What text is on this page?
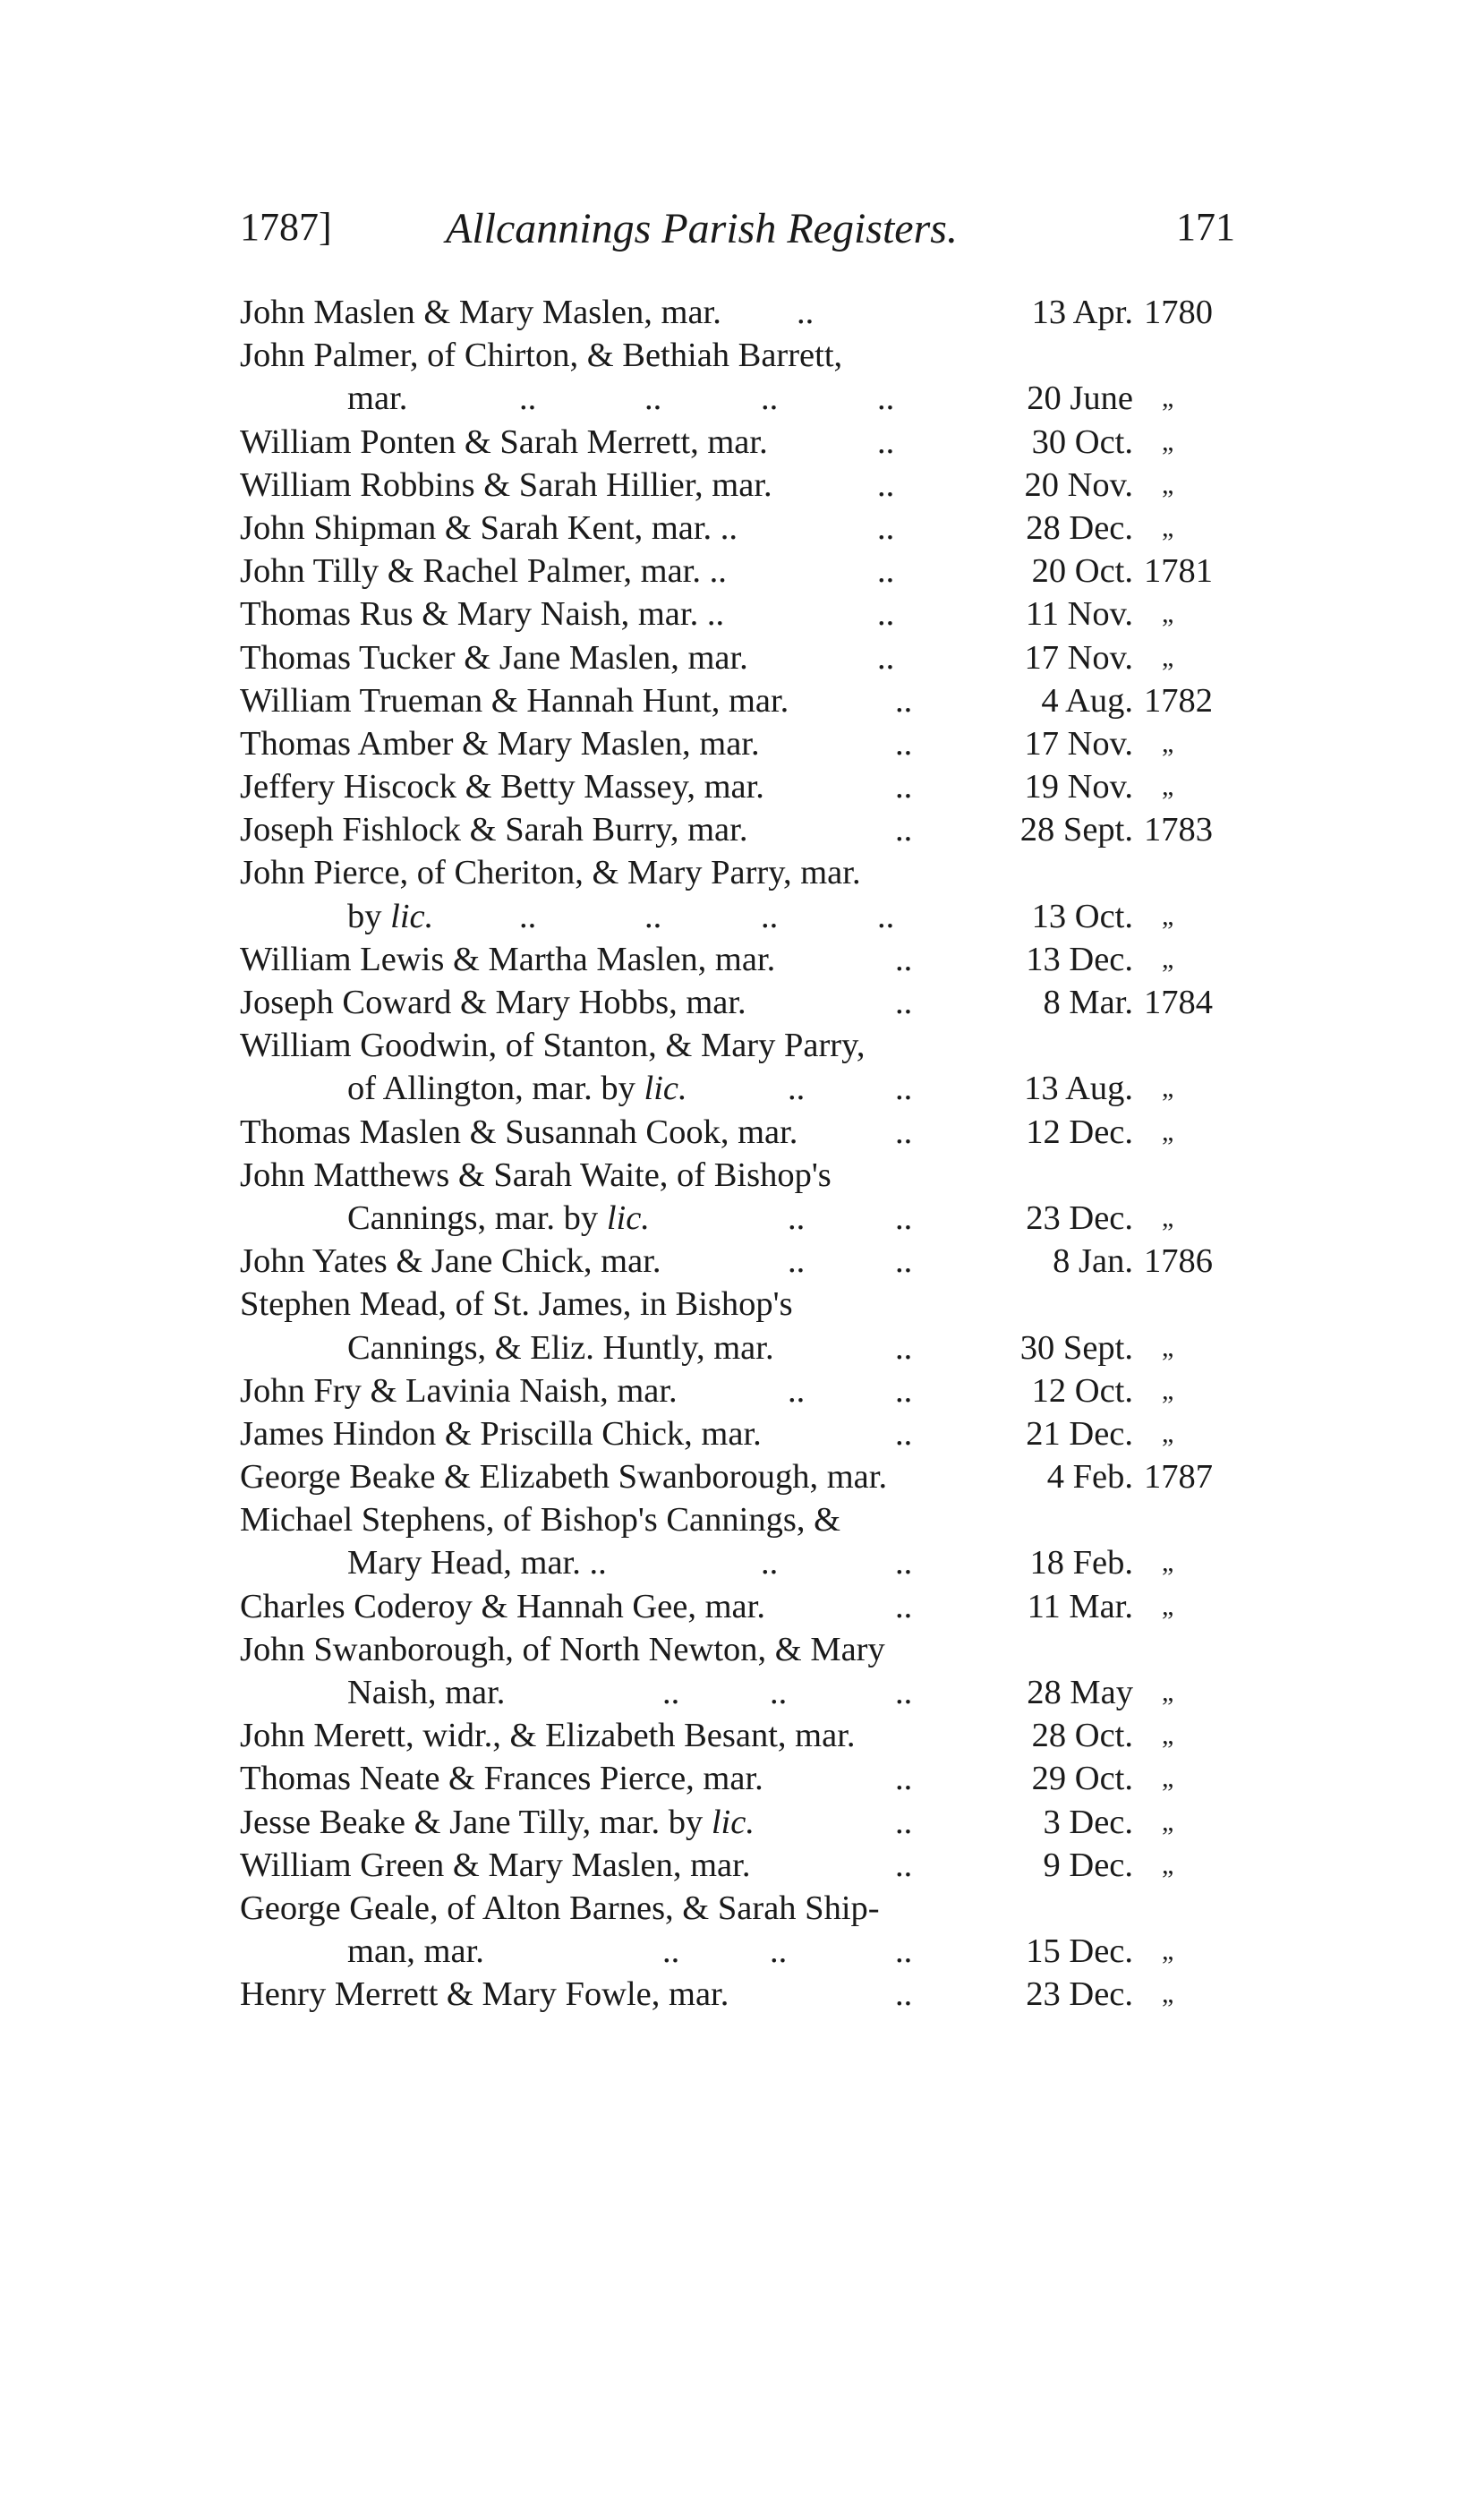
1787]	Allcannings Parish Registers.	171
John Maslen & Mary Maslen, mar. ..	13 Apr. 1780
John Palmer, of Chirton, & Bethiah Barrett,
mar.	..	..	..	..	20 June	„
William Ponten & Sarah Merrett, mar.	..	30 Oct.	„
William Robbins & Sarah Hillier, mar.	..	20 Nov.	„
John Shipman & Sarah Kent, mar. ..	..	28 Dec.	„
John Tilly & Rachel Palmer, mar. ..	..	20 Oct. 1781
Thomas Rus & Mary Naish, mar. ..	..	11 Nov.	„
Thomas Tucker & Jane Maslen, mar.	..	17 Nov.	„
William Trueman & Hannah Hunt, mar.	..	4 Aug. 1782
Thomas Amber & Mary Maslen, mar.	..	17 Nov.	„
Jeffery Hiscock & Betty Massey, mar.	..	19 Nov.	„
Joseph Fishlock & Sarah Burry, mar.	..	28 Sept. 1783
John Pierce, of Cheriton, & Mary Parry, mar.
by lic. ..	..	..	..	13 Oct.	„
William Lewis & Martha Maslen, mar.	..	13 Dec.	„
Joseph Coward & Mary Hobbs, mar.	..	8 Mar. 1784
William Goodwin, of Stanton, & Mary Parry,
of Allington, mar. by lic.	..	..	13 Aug.	„
Thomas Maslen & Susannah Cook, mar.	..	12 Dec.	„
John Matthews & Sarah Waite, of Bishop's
Cannings, mar. by lic.	..	..	23 Dec.	„
John Yates & Jane Chick, mar.	..	..	8 Jan. 1786
Stephen Mead, of St. James, in Bishop's
Cannings, & Eliz. Huntly, mar.	..	30 Sept.	„
John Fry & Lavinia Naish, mar.	..	..	12 Oct.	„
James Hindon & Priscilla Chick, mar.	..	21 Dec.	„
George Beake & Elizabeth Swanborough, mar.	4 Feb. 1787
Michael Stephens, of Bishop's Cannings, &
Mary Head, mar. ..	..	..	18 Feb.	„
Charles Coderoy & Hannah Gee, mar.	..	11 Mar.	„
John Swanborough, of North Newton, & Mary
Naish, mar.	..	..	..	28 May	„
John Merett, widr., & Elizabeth Besant, mar.	28 Oct.	„
Thomas Neate & Frances Pierce, mar.	..	29 Oct.	„
Jesse Beake & Jane Tilly, mar. by lic.	..	3 Dec.	„
William Green & Mary Maslen, mar.	..	9 Dec.	„
George Geale, of Alton Barnes, & Sarah Ship-
man, mar.	..	..	..	15 Dec.	„
Henry Merrett & Mary Fowle, mar.	..	23 Dec.	„
